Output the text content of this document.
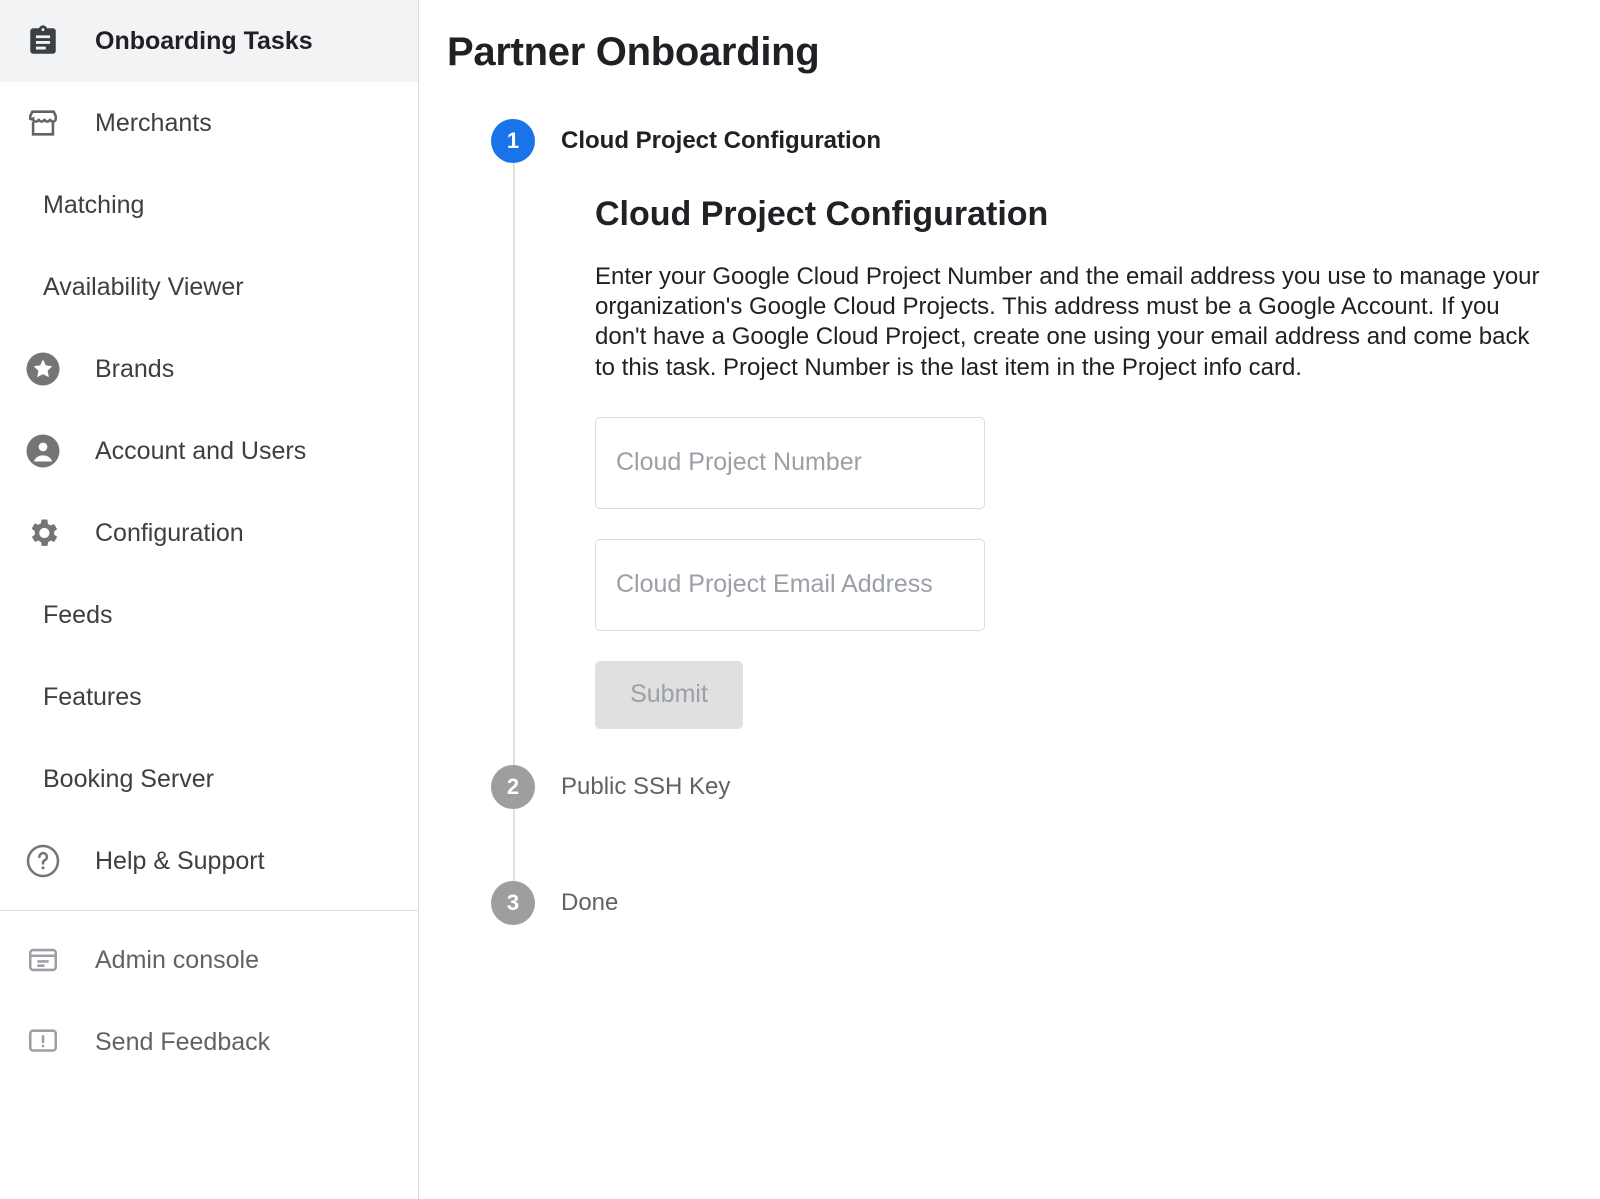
Onboarding Tasks
Merchants
Matching
Availability Viewer
Brands
Account and Users
Configuration
Feeds
Features
Booking Server
Help & Support
Admin console
Send Feedback
Partner Onboarding
1	Cloud Project Configuration
Cloud Project Configuration

Enter your Google Cloud Project Number and the email address you use to manage your organization's Google Cloud Projects. This address must be a Google Account. If you don't have a Google Cloud Project, create one using your email address and come back to this task. Project Number is the last item in the Project info card.

Cloud Project Number
Cloud Project Email Address Submit
2	Public SSH Key
3	Done
